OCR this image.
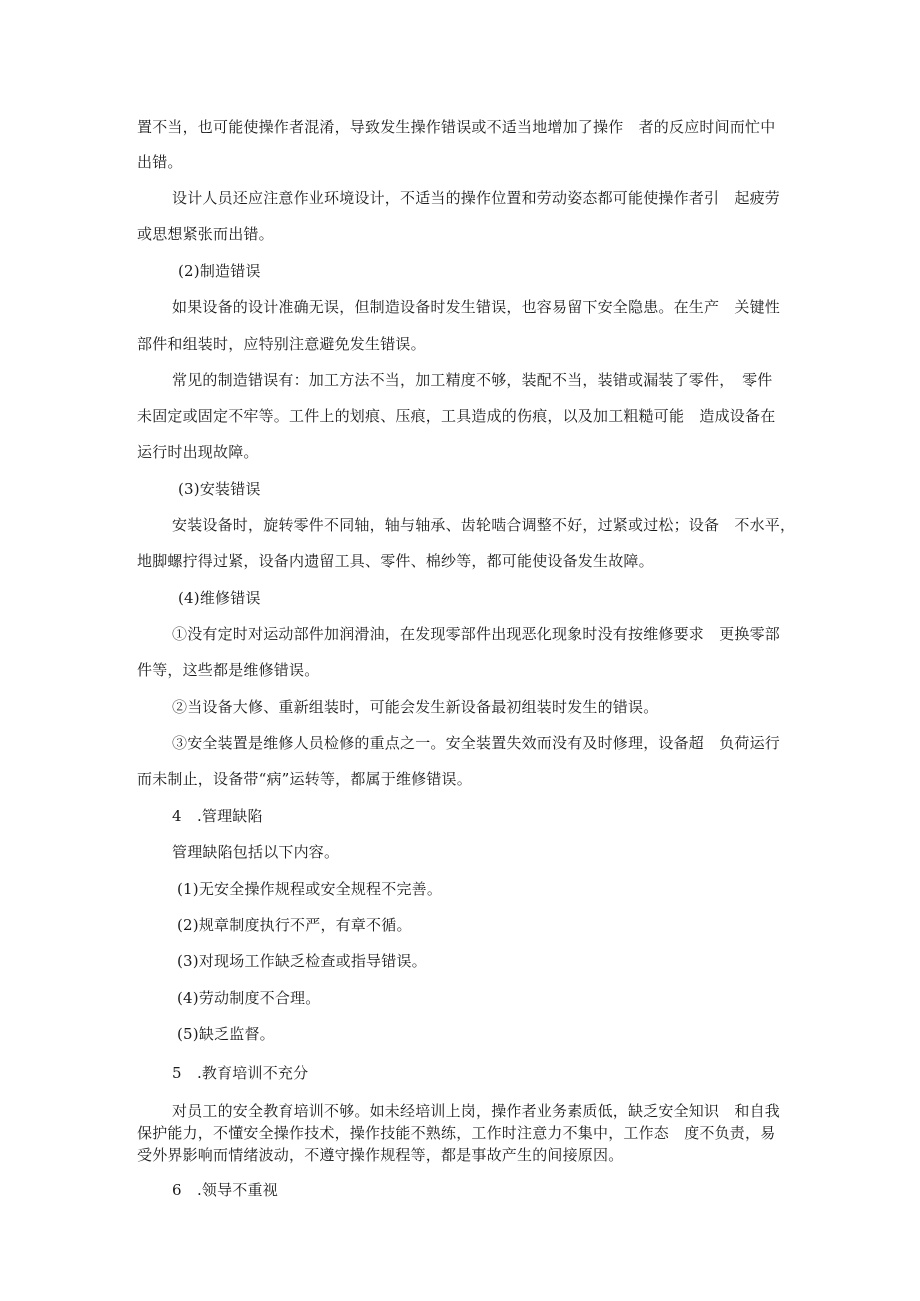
置不当，也可能使操作者混淆，导致发生操作错误或不适当地增加了操作　者的反应时间而忙中

出错。

设计人员还应注意作业环境设计，不适当的操作位置和劳动姿态都可能使操作者引　起疲劳

或思想紧张而出错。

(2)制造错误

如果设备的设计准确无误，但制造设备时发生错误，也容易留下安全隐患。在生产　关键性

部件和组装时，应特别注意避免发生错误。

常见的制造错误有：加工方法不当，加工精度不够，装配不当，装错或漏装了零件，　零件

未固定或固定不牢等。工件上的划痕、压痕，工具造成的伤痕，以及加工粗糙可能　造成设备在

运行时出现故障。

(3)安装错误

安装设备时，旋转零件不同轴，轴与轴承、齿轮啮合调整不好，过紧或过松；设备　不水平，

地脚螺拧得过紧，设备内遗留工具、零件、棉纱等，都可能使设备发生故障。

(4)维修错误

①没有定时对运动部件加润滑油，在发现零部件出现恶化现象时没有按维修要求　更换零部

件等，这些都是维修错误。

②当设备大修、重新组装时，可能会发生新设备最初组装时发生的错误。

③安全装置是维修人员检修的重点之一。安全装置失效而没有及时修理，设备超　负荷运行

而未制止，设备带“病”运转等，都属于维修错误。

4　.管理缺陷

管理缺陷包括以下内容。

(1)无安全操作规程或安全规程不完善。

(2)规章制度执行不严，有章不循。

(3)对现场工作缺乏检查或指导错误。

(4)劳动制度不合理。

(5)缺乏监督。

5　.教育培训不充分

对员工的安全教育培训不够。如未经培训上岗，操作者业务素质低，缺乏安全知识　和自我

保护能力，不懂安全操作技术，操作技能不熟练，工作时注意力不集中，工作态　度不负责，易

受外界影响而情绪波动，不遵守操作规程等，都是事故产生的间接原因。

6　.领导不重视
